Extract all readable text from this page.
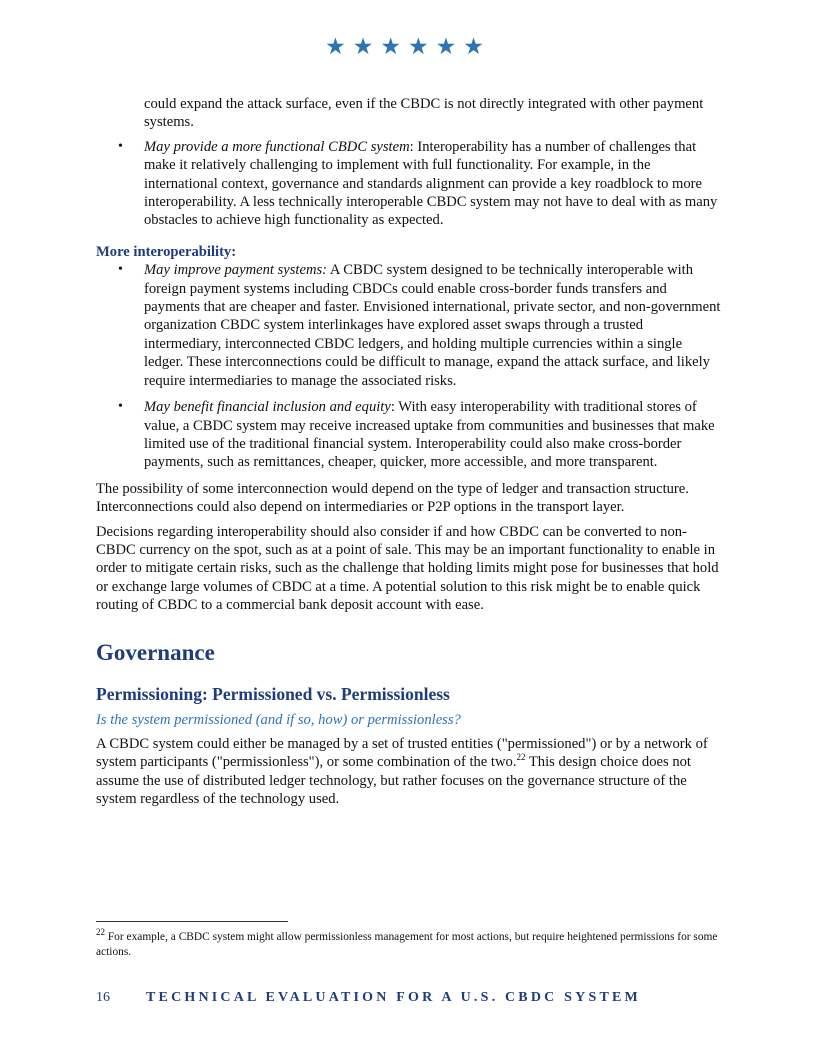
★★★★★★

could expand the attack surface, even if the CBDC is not directly integrated with other payment systems.

• May provide a more functional CBDC system: Interoperability has a number of challenges that make it relatively challenging to implement with full functionality. For example, in the international context, governance and standards alignment can provide a key roadblock to more interoperability. A less technically interoperable CBDC system may not have to deal with as many obstacles to achieve high functionality as expected.
More interoperability:
• May improve payment systems: A CBDC system designed to be technically interoperable with foreign payment systems including CBDCs could enable cross-border funds transfers and payments that are cheaper and faster. Envisioned international, private sector, and non-government organization CBDC system interlinkages have explored asset swaps through a trusted intermediary, interconnected CBDC ledgers, and holding multiple currencies within a single ledger. These interconnections could be difficult to manage, expand the attack surface, and likely require intermediaries to manage the associated risks.
• May benefit financial inclusion and equity: With easy interoperability with traditional stores of value, a CBDC system may receive increased uptake from communities and businesses that make limited use of the traditional financial system. Interoperability could also make cross-border payments, such as remittances, cheaper, quicker, more accessible, and more transparent.

The possibility of some interconnection would depend on the type of ledger and transaction structure. Interconnections could also depend on intermediaries or P2P options in the transport layer.

Decisions regarding interoperability should also consider if and how CBDC can be converted to non-CBDC currency on the spot, such as at a point of sale. This may be an important functionality to enable in order to mitigate certain risks, such as the challenge that holding limits might pose for businesses that hold or exchange large volumes of CBDC at a time. A potential solution to this risk might be to enable quick routing of CBDC to a commercial bank deposit account with ease.

Governance
Permissioning: Permissioned vs. Permissionless
Is the system permissioned (and if so, how) or permissionless?

A CBDC system could either be managed by a set of trusted entities ("permissioned") or by a network of system participants ("permissionless"), or some combination of the two.$^{22}$ This design choice does not assume the use of distributed ledger technology, but rather focuses on the governance structure of the system regardless of the technology used.

$^{22}$ For example, a CBDC system might allow permissionless management for most actions, but require heightened permissions for some actions.
16	TECHNICAL EVALUATION FOR A U.S. CBDC SYSTEM
